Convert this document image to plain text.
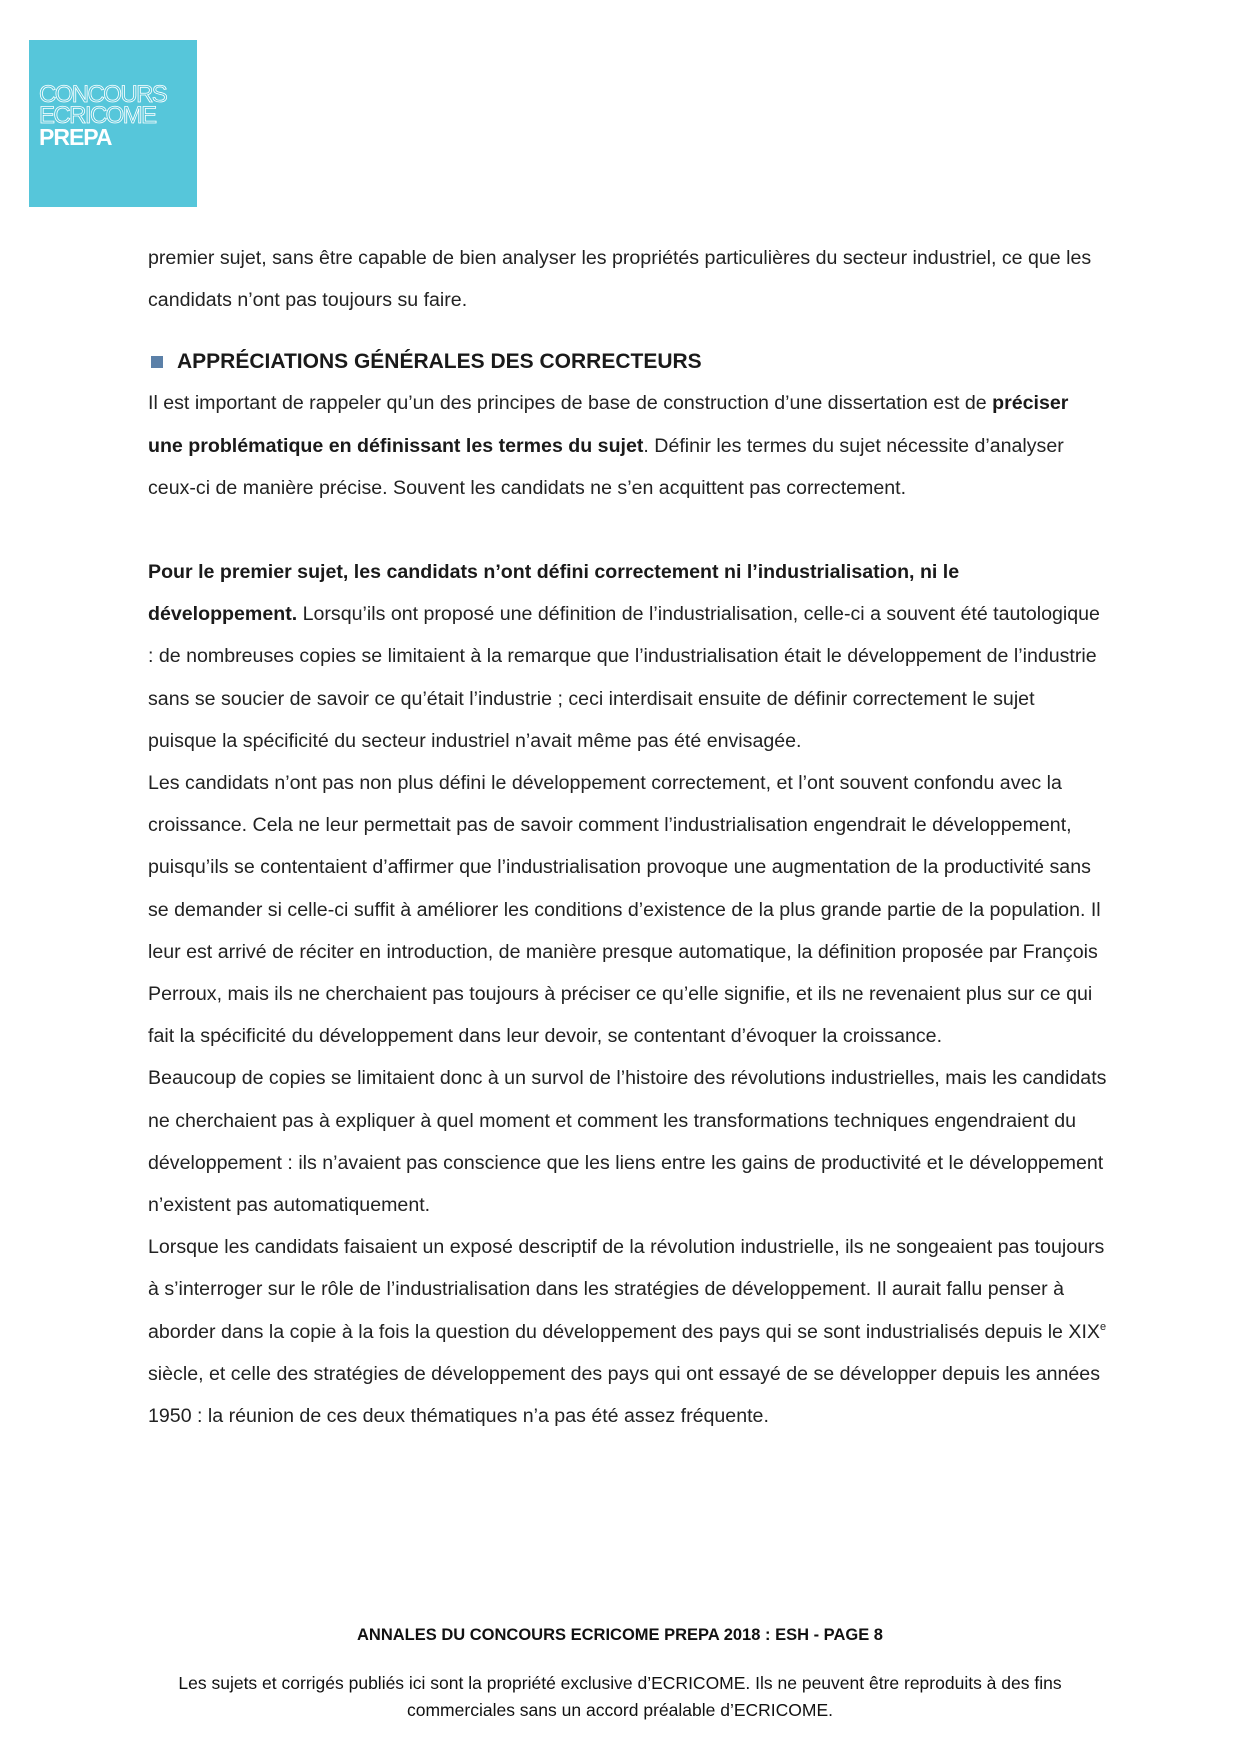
CONCOURS
ECRICOME
PREPA

premier sujet, sans être capable de bien analyser les propriétés particulières du secteur industriel, ce que les candidats n’ont pas toujours su faire.

APPRÉCIATIONS GÉNÉRALES DES CORRECTEURS

Il est important de rappeler qu’un des principes de base de construction d’une dissertation est de préciser une problématique en définissant les termes du sujet. Définir les termes du sujet nécessite d’analyser ceux-ci de manière précise. Souvent les candidats ne s’en acquittent pas correctement.

Pour le premier sujet, les candidats n’ont défini correctement ni l’industrialisation, ni le développement. Lorsqu’ils ont proposé une définition de l’industrialisation, celle-ci a souvent été tautologique : de nombreuses copies se limitaient à la remarque que l’industrialisation était le développement de l’industrie sans se soucier de savoir ce qu’était l’industrie ; ceci interdisait ensuite de définir correctement le sujet puisque la spécificité du secteur industriel n’avait même pas été envisagée.

Les candidats n’ont pas non plus défini le développement correctement, et l’ont souvent confondu avec la croissance. Cela ne leur permettait pas de savoir comment l’industrialisation engendrait le développement, puisqu’ils se contentaient d’affirmer que l’industrialisation provoque une augmentation de la productivité sans se demander si celle-ci suffit à améliorer les conditions d’existence de la plus grande partie de la population. Il leur est arrivé de réciter en introduction, de manière presque automatique, la définition proposée par François Perroux, mais ils ne cherchaient pas toujours à préciser ce qu’elle signifie, et ils ne revenaient plus sur ce qui fait la spécificité du développement dans leur devoir, se contentant d’évoquer la croissance.

Beaucoup de copies se limitaient donc à un survol de l’histoire des révolutions industrielles, mais les candidats ne cherchaient pas à expliquer à quel moment et comment les transformations techniques engendraient du développement : ils n’avaient pas conscience que les liens entre les gains de productivité et le développement n’existent pas automatiquement.

Lorsque les candidats faisaient un exposé descriptif de la révolution industrielle, ils ne songeaient pas toujours à s’interroger sur le rôle de l’industrialisation dans les stratégies de développement. Il aurait fallu penser à aborder dans la copie à la fois la question du développement des pays qui se sont industrialisés depuis le XIXe siècle, et celle des stratégies de développement des pays qui ont essayé de se développer depuis les années 1950 : la réunion de ces deux thématiques n’a pas été assez fréquente.

ANNALES DU CONCOURS ECRICOME PREPA 2018 : ESH - PAGE 8
Les sujets et corrigés publiés ici sont la propriété exclusive d’ECRICOME. Ils ne peuvent être reproduits à des fins commerciales sans un accord préalable d’ECRICOME.
